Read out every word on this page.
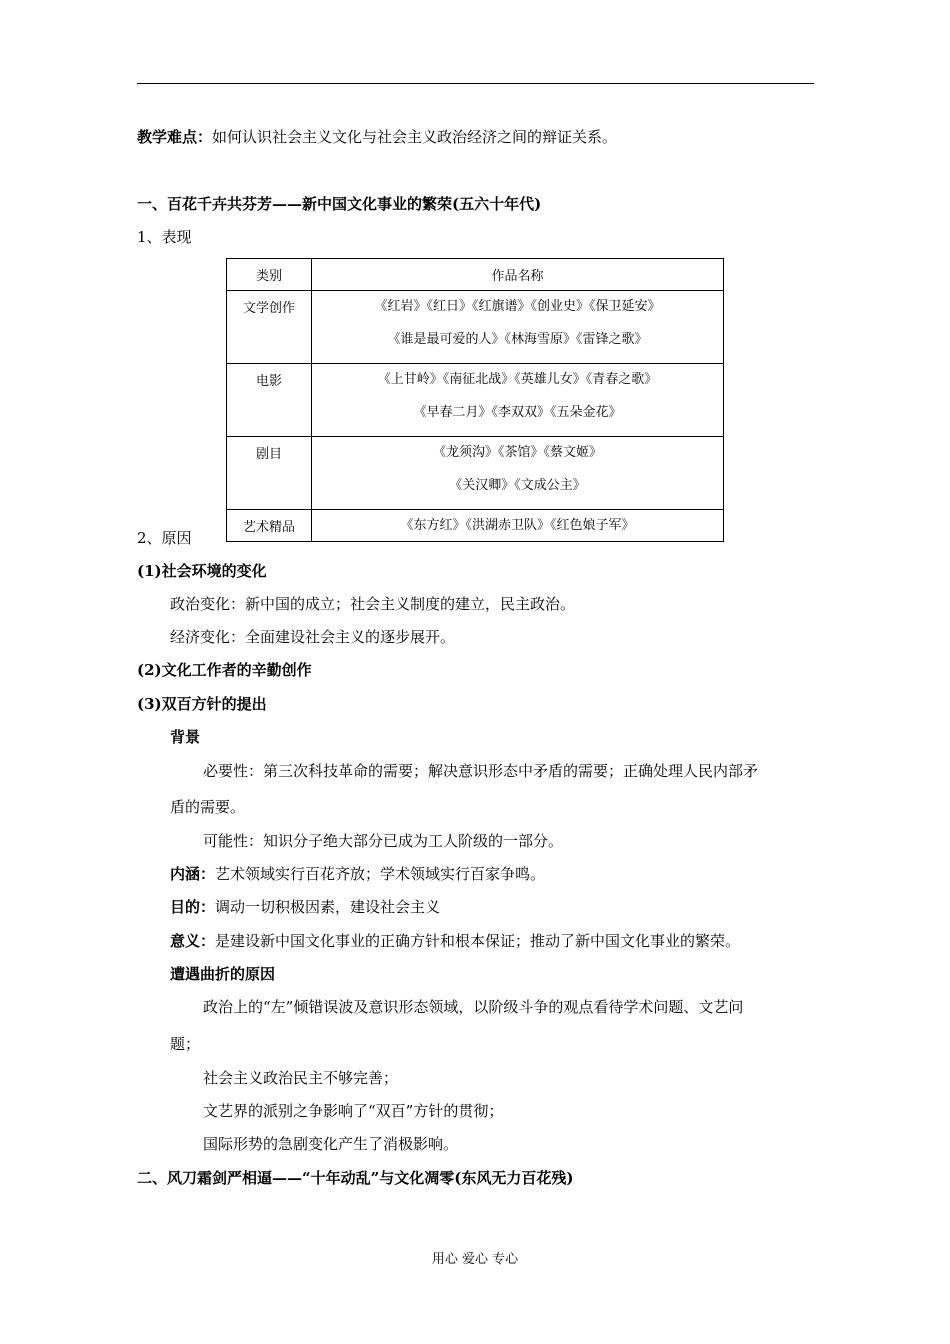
教学难点：如何认识社会主义文化与社会主义政治经济之间的辩证关系。
一、百花千卉共芬芳——新中国文化事业的繁荣(五六十年代)
1、表现
类别	作品名称
文学创作	《红岩》《红日》《红旗谱》《创业史》《保卫延安》
《谁是最可爱的人》《林海雪原》《雷锋之歌》

电影	《上甘岭》《南征北战》《英雄儿女》《青春之歌》
《早春二月》《李双双》《五朵金花》

剧目	《龙须沟》《茶馆》《蔡文姬》
《关汉卿》《文成公主》

艺术精品	《东方红》《洪湖赤卫队》《红色娘子军》
2、原因
(1)社会环境的变化
政治变化：新中国的成立；社会主义制度的建立，民主政治。
经济变化：全面建设社会主义的逐步展开。
(2)文化工作者的辛勤创作
(3)双百方针的提出
背景
必要性：第三次科技革命的需要；解决意识形态中矛盾的需要；正确处理人民内部矛
盾的需要。
可能性：知识分子绝大部分已成为工人阶级的一部分。
内涵：艺术领域实行百花齐放；学术领域实行百家争鸣。
目的：调动一切积极因素，建设社会主义
意义：是建设新中国文化事业的正确方针和根本保证；推动了新中国文化事业的繁荣。
遭遇曲折的原因
政治上的“左”倾错误波及意识形态领域，以阶级斗争的观点看待学术问题、文艺问
题；
社会主义政治民主不够完善；
文艺界的派别之争影响了“双百”方针的贯彻；
国际形势的急剧变化产生了消极影响。
二、风刀霜剑严相逼——“十年动乱”与文化凋零(东风无力百花残)
用心 爱心 专心
